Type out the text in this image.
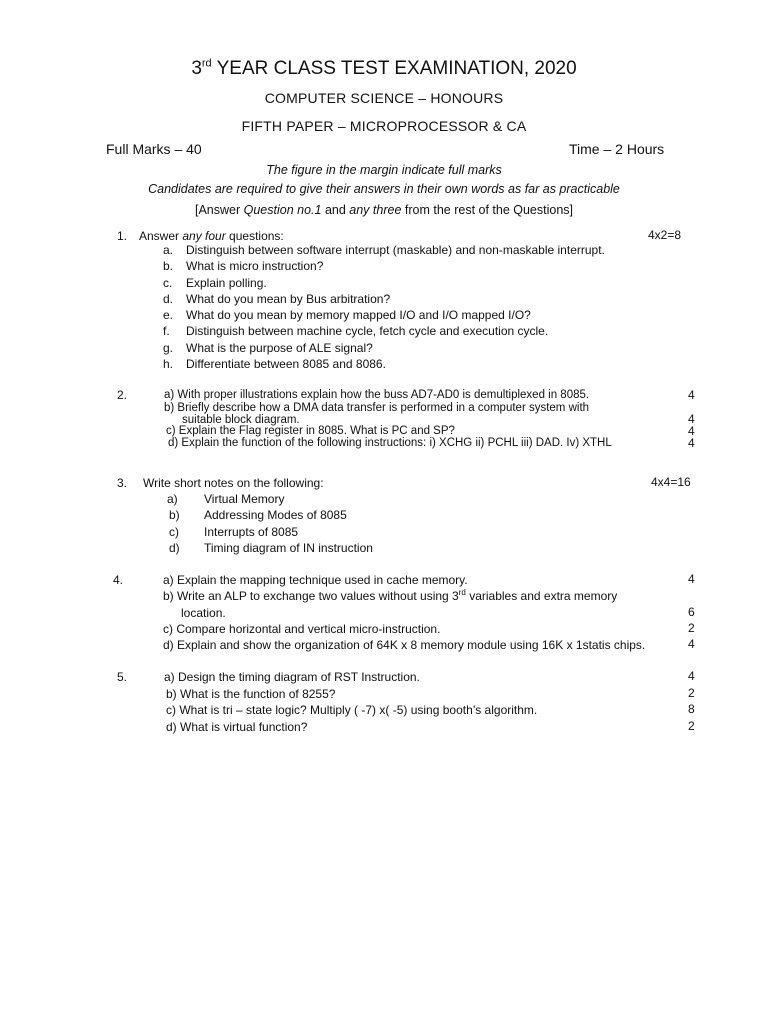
3rd YEAR CLASS TEST EXAMINATION, 2020
COMPUTER SCIENCE – HONOURS
FIFTH PAPER – MICROPROCESSOR & CA
Full Marks – 40	Time – 2 Hours
The figure in the margin indicate full marks
Candidates are required to give their answers in their own words as far as practicable
[Answer Question no.1 and any three from the rest of the Questions]
1. Answer any four questions:	4x2=8
a. Distinguish between software interrupt (maskable) and non-maskable interrupt.
b. What is micro instruction?
c. Explain polling.
d. What do you mean by Bus arbitration?
e. What do you mean by memory mapped I/O and I/O mapped I/O?
f. Distinguish between machine cycle, fetch cycle and execution cycle.
g. What is the purpose of ALE signal?
h. Differentiate between 8085 and 8086.
2.	a) With proper illustrations explain how the buss AD7-AD0 is demultiplexed in 8085.	4
b) Briefly describe how a DMA data transfer is performed in a computer system with
suitable block diagram.	4
c) Explain the Flag register in 8085. What is PC and SP?	4
d) Explain the function of the following instructions: i) XCHG ii) PCHL iii) DAD. Iv) XTHL	4
3. Write short notes on the following:	4x4=16
a) Virtual Memory
b) Addressing Modes of 8085
c) Interrupts of 8085
d) Timing diagram of IN instruction
4.	a) Explain the mapping technique used in cache memory.	4
b) Write an ALP to exchange two values without using 3rd variables and extra memory
location.	6
c) Compare horizontal and vertical micro-instruction.	2
d) Explain and show the organization of 64K x 8 memory module using 16K x 1statis chips.	4
5.	a) Design the timing diagram of RST Instruction.	4
b) What is the function of 8255?	2
c) What is tri – state logic? Multiply ( -7) x( -5) using booth’s algorithm.	8
d) What is virtual function?	2
